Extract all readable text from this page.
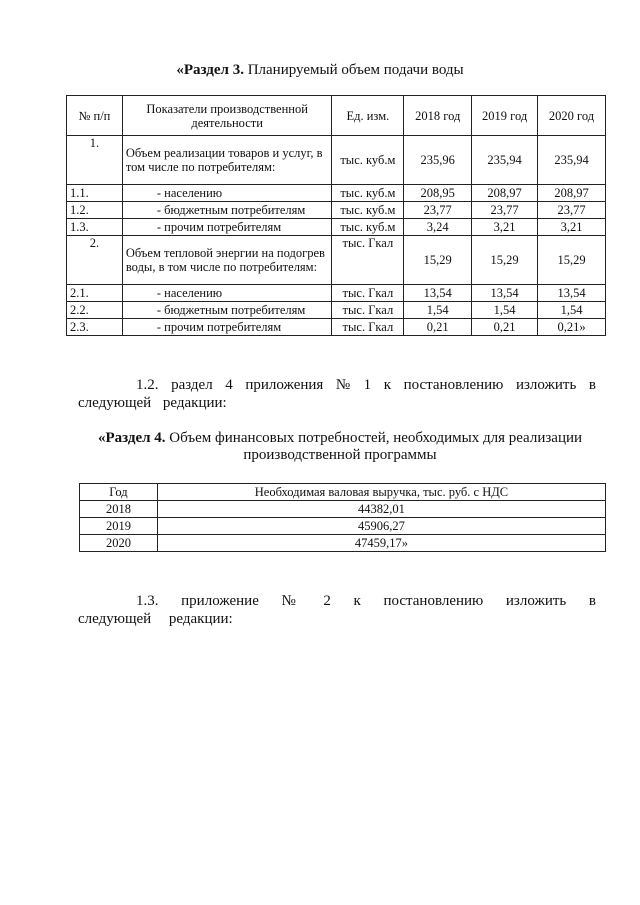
«Раздел 3. Планируемый объем подачи воды
№ п/п	Показатели производственной деятельности	Ед. изм.	2018 год	2019 год	2020 год
1.	Объем реализации товаров и услуг, в том числе по потребителям:	тыс. куб.м	235,96	235,94	235,94
1.1.	- населению	тыс. куб.м	208,95	208,97	208,97
1.2.	- бюджетным потребителям	тыс. куб.м	23,77	23,77	23,77
1.3.	- прочим потребителям	тыс. куб.м	3,24	3,21	3,21
2.	Объем тепловой энергии на подогрев воды, в том числе по потребителям:	тыс. Гкал	15,29	15,29	15,29
2.1.	- населению	тыс. Гкал	13,54	13,54	13,54
2.2.	- бюджетным потребителям	тыс. Гкал	1,54	1,54	1,54
2.3.	- прочим потребителям	тыс. Гкал	0,21	0,21	0,21»
1.2. раздел 4 приложения № 1 к постановлению изложить в следующей редакции:
«Раздел 4. Объем финансовых потребностей, необходимых для реализации производственной программы
Год	Необходимая валовая выручка, тыс. руб. с НДС
2018	44382,01
2019	45906,27
2020	47459,17»
1.3. приложение № 2 к постановлению изложить в следующей редакции:
